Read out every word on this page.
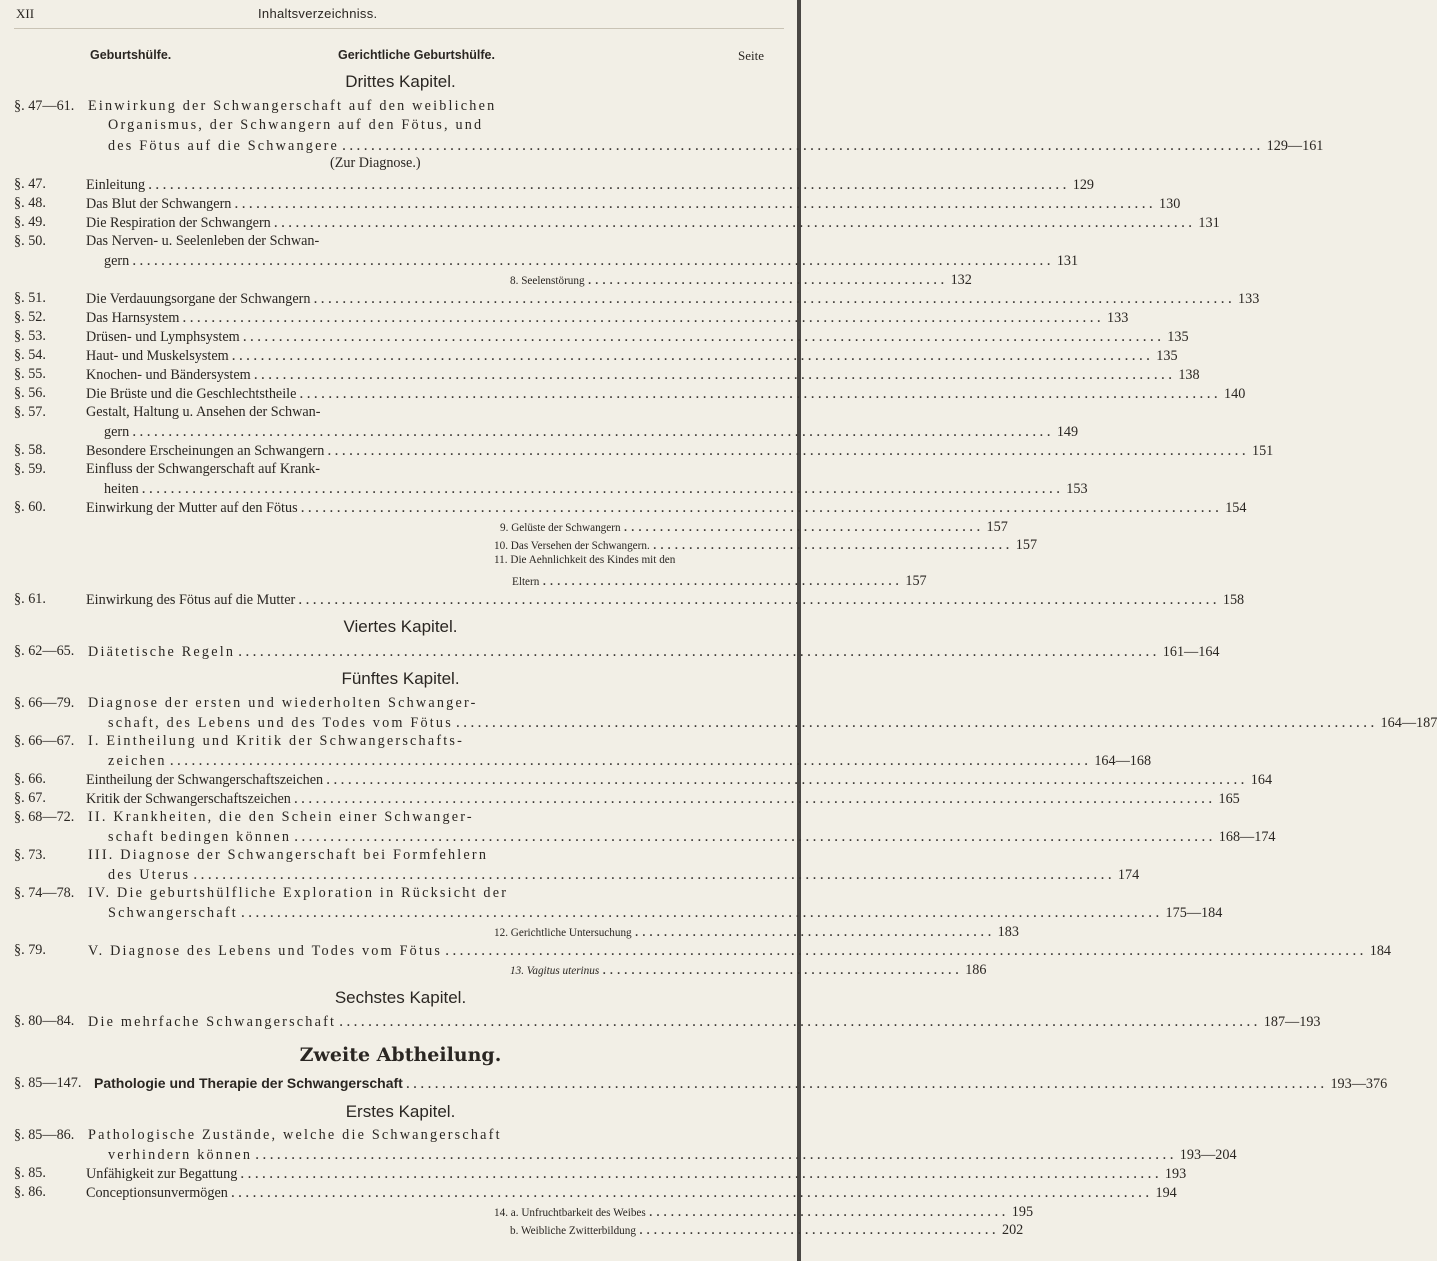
XII	Inhaltsverzeichniss.
Geburtshülfe.	Gerichtliche Geburtshülfe.	Seite
Drittes Kapitel.
§. 47—61. Einwirkung der Schwangerschaft auf den weiblichen
Organismus, der Schwangern auf den Fötus, und
des Fötus auf die Schwangere ................................................................................................................................ 129—161
(Zur Diagnose.)
§. 47.	Einleitung ................................................................................................................................ 129
§. 48.	Das Blut der Schwangern ................................................................................................................................ 130
§. 49.	Die Respiration der Schwangern ................................................................................................................................ 131
§. 50.	Das Nerven- u. Seelenleben der Schwan-
gern ................................................................................................................................ 131
8. Seelenstörung .................................................. 132
§. 51.	Die Verdauungsorgane der Schwangern ................................................................................................................................ 133
§. 52.	Das Harnsystem ................................................................................................................................ 133
§. 53.	Drüsen- und Lymphsystem ................................................................................................................................ 135
§. 54.	Haut- und Muskelsystem ................................................................................................................................ 135
§. 55.	Knochen- und Bändersystem ................................................................................................................................ 138
§. 56.	Die Brüste und die Geschlechtstheile ................................................................................................................................ 140
§. 57.	Gestalt, Haltung u. Ansehen der Schwan-
gern ................................................................................................................................ 149
§. 58.	Besondere Erscheinungen an Schwangern ................................................................................................................................ 151
§. 59.	Einfluss der Schwangerschaft auf Krank-
heiten ................................................................................................................................ 153
§. 60.	Einwirkung der Mutter auf den Fötus ................................................................................................................................ 154
9. Gelüste der Schwangern .................................................. 157
10. Das Versehen der Schwangern. .................................................. 157
11. Die Aehnlichkeit des Kindes mit den
Eltern .................................................. 157
§. 61.	Einwirkung des Fötus auf die Mutter ................................................................................................................................ 158
Viertes Kapitel.
§. 62—65. Diätetische Regeln ................................................................................................................................ 161—164
Fünftes Kapitel.
§. 66—79. Diagnose der ersten und wiederholten Schwanger-
schaft, des Lebens und des Todes vom Fötus ................................................................................................................................ 164—187
§. 66—67. I. Eintheilung und Kritik der Schwangerschafts-
zeichen ................................................................................................................................ 164—168
§. 66.	Eintheilung der Schwangerschaftszeichen ................................................................................................................................ 164
§. 67.	Kritik der Schwangerschaftszeichen ................................................................................................................................ 165
§. 68—72. II. Krankheiten, die den Schein einer Schwanger-
schaft bedingen können ................................................................................................................................ 168—174
§. 73.	III. Diagnose der Schwangerschaft bei Formfehlern
des Uterus ................................................................................................................................ 174
§. 74—78. IV. Die geburtshülfliche Exploration in Rücksicht der
Schwangerschaft ................................................................................................................................ 175—184
12. Gerichtliche Untersuchung .................................................. 183
§. 79.	V. Diagnose des Lebens und Todes vom Fötus ................................................................................................................................ 184
13. Vagitus uterinus .................................................. 186
Sechstes Kapitel.
§. 80—84. Die mehrfache Schwangerschaft ................................................................................................................................ 187—193
Zweite Abtheilung.
§. 85—147. Pathologie und Therapie der Schwangerschaft ................................................................................................................................ 193—376
Erstes Kapitel.
§. 85—86. Pathologische Zustände, welche die Schwangerschaft
verhindern können ................................................................................................................................ 193—204
§. 85.	Unfähigkeit zur Begattung ................................................................................................................................ 193
§. 86.	Conceptionsunvermögen ................................................................................................................................ 194
14. a. Unfruchtbarkeit des Weibes .................................................. 195
b. Weibliche Zwitterbildung .................................................. 202
